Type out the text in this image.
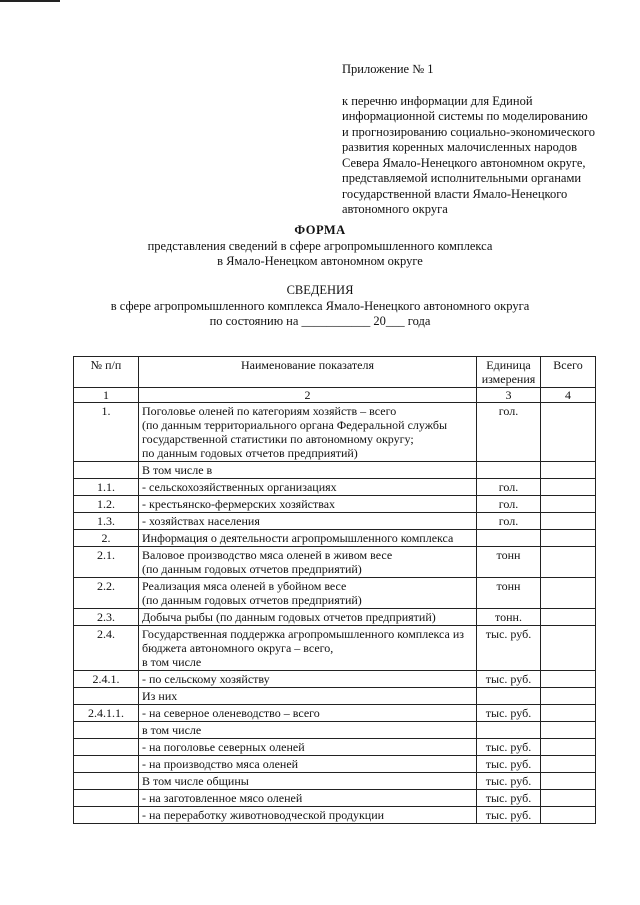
Приложение № 1
к перечню информации для Единой
информационной системы по моделированию
и прогнозированию социально-экономического
развития коренных малочисленных народов
Севера Ямало-Ненецкого автономном округе,
представляемой исполнительными органами
государственной власти Ямало-Ненецкого
автономного округа
ФОРМА
представления сведений в сфере агропромышленного комплекса
в Ямало-Ненецком автономном округе
СВЕДЕНИЯ
в сфере агропромышленного комплекса Ямало-Ненецкого автономного округа
по состоянию на ___________ 20___ года
№ п/п	Наименование показателя	Единица измерения	Всего
1	2	3	4
1.	Поголовье оленей по категориям хозяйств – всего
(по данным территориального органа Федеральной службы государственной статистики по автономному округу;
по данным годовых отчетов предприятий)	гол.	
	В том числе в		
1.1.	- сельскохозяйственных организациях	гол.	
1.2.	- крестьянско-фермерских хозяйствах	гол.	
1.3.	- хозяйствах населения	гол.	
2.	Информация о деятельности агропромышленного комплекса		
2.1.	Валовое производство мяса оленей в живом весе
(по данным годовых отчетов предприятий)	тонн	
2.2.	Реализация мяса оленей в убойном весе
(по данным годовых отчетов предприятий)	тонн	
2.3.	Добыча рыбы (по данным годовых отчетов предприятий)	тонн.	
2.4.	Государственная поддержка агропромышленного комплекса из бюджета автономного округа – всего,
в том числе	тыс. руб.	
2.4.1.	- по сельскому хозяйству	тыс. руб.	
	Из них		
2.4.1.1.	- на северное оленеводство – всего	тыс. руб.	
	в том числе		
	- на поголовье северных оленей	тыс. руб.	
	- на производство мяса оленей	тыс. руб.	
	В том числе общины	тыс. руб.	
	- на заготовленное мясо оленей	тыс. руб.	
	- на переработку животноводческой продукции	тыс. руб.	
